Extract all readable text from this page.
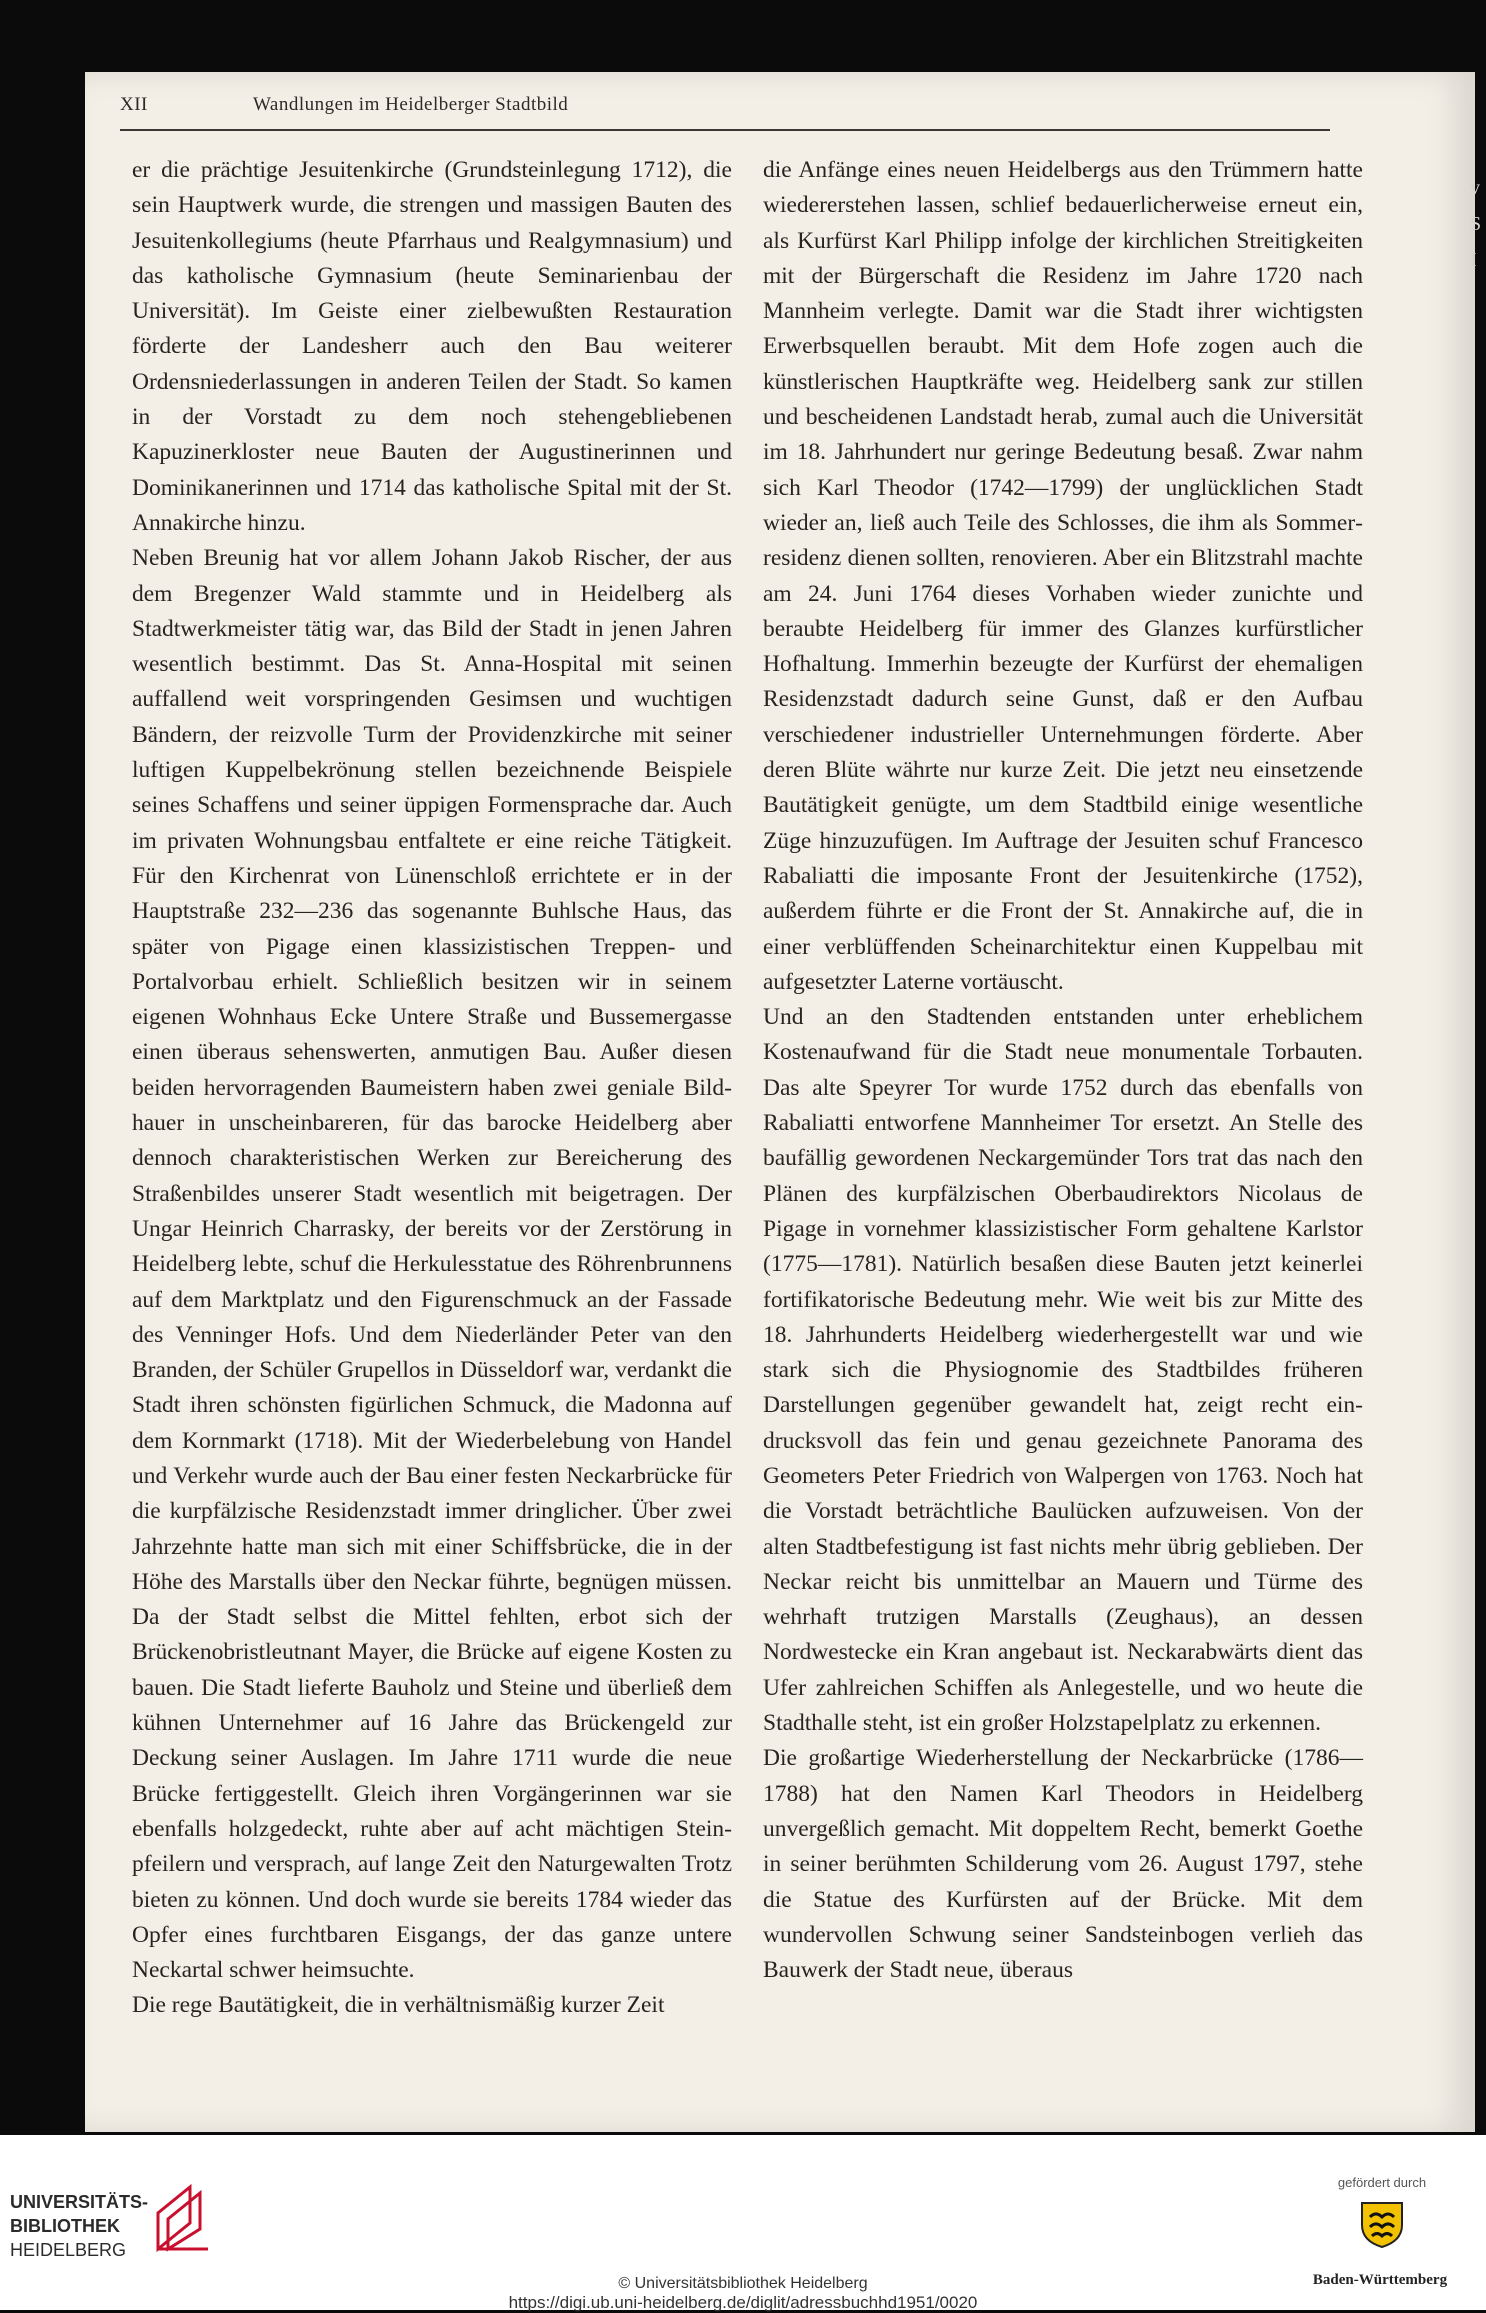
XII	Wandlungen im Heidelberger Stadtbild

er die prächtige Jesuitenkirche (Grundsteinlegung 1712), die sein Hauptwerk wurde, die strengen und massigen Bauten des Jesuitenkollegiums (heute Pfarrhaus und Realgymnasium) und das katholische Gymnasium (heute Seminarienbau der Universität). Im Geiste einer zielbewußten Restauration förderte der Landesherr auch den Bau weiterer Ordensniederlassungen in anderen Teilen der Stadt. So kamen in der Vorstadt zu dem noch stehengebliebenen Kapuzinerkloster neue Bauten der Augustinerinnen und Dominikanerinnen und 1714 das katholische Spital mit der St. Annakirche hinzu.

Neben Breunig hat vor allem Johann Jakob Rischer, der aus dem Bregenzer Wald stammte und in Heidelberg als Stadtwerkmeister tätig war, das Bild der Stadt in jenen Jahren wesentlich bestimmt. Das St. Anna-Hospital mit seinen auffallend weit vorspringenden Gesimsen und wuchtigen Bändern, der reizvolle Turm der Providenzkirche mit seiner luftigen Kuppelbekrönung stellen bezeichnende Beispiele seines Schaffens und seiner üppigen Formensprache dar. Auch im privaten Wohnungsbau entfaltete er eine reiche Tätigkeit. Für den Kirchenrat von Lünenschloß errichtete er in der Hauptstraße 232—236 das sogenannte Buhlsche Haus, das später von Pigage einen klassizistischen Treppen- und Portalvorbau erhielt. Schließlich besitzen wir in seinem eigenen Wohnhaus Ecke Untere Straße und Bussemergasse einen überaus sehenswerten, anmutigen Bau. Außer diesen beiden hervorragenden Baumeistern haben zwei geniale Bildhauer in unscheinbareren, für das barocke Heidelberg aber dennoch charakteristischen Werken zur Bereicherung des Straßenbildes unserer Stadt wesentlich mit beigetragen. Der Ungar Heinrich Charrasky, der bereits vor der Zerstörung in Heidelberg lebte, schuf die Herkulesstatue des Röhrenbrunnens auf dem Marktplatz und den Figurenschmuck an der Fassade des Venninger Hofs. Und dem Niederländer Peter van den Branden, der Schüler Grupellos in Düsseldorf war, verdankt die Stadt ihren schönsten figürlichen Schmuck, die Madonna auf dem Kornmarkt (1718). Mit der Wiederbelebung von Handel und Verkehr wurde auch der Bau einer festen Neckarbrücke für die kurpfälzische Residenzstadt immer dringlicher. Über zwei Jahrzehnte hatte man sich mit einer Schiffsbrücke, die in der Höhe des Marstalls über den Neckar führte, begnügen müssen. Da der Stadt selbst die Mittel fehlten, erbot sich der Brückenobristleutnant Mayer, die Brücke auf eigene Kosten zu bauen. Die Stadt lieferte Bauholz und Steine und überließ dem kühnen Unternehmer auf 16 Jahre das Brückengeld zur Deckung seiner Auslagen. Im Jahre 1711 wurde die neue Brücke fertiggestellt. Gleich ihren Vorgängerinnen war sie ebenfalls holzgedeckt, ruhte aber auf acht mächtigen Steinpfeilern und versprach, auf lange Zeit den Naturgewalten Trotz bieten zu können. Und doch wurde sie bereits 1784 wieder das Opfer eines furchtbaren Eisgangs, der das ganze untere Neckartal schwer heimsuchte.

Die rege Bautätigkeit, die in verhältnismäßig kurzer Zeit

die Anfänge eines neuen Heidelbergs aus den Trümmern hatte wiedererstehen lassen, schlief bedauerlicherweise erneut ein, als Kurfürst Karl Philipp infolge der kirchlichen Streitigkeiten mit der Bürgerschaft die Residenz im Jahre 1720 nach Mannheim verlegte. Damit war die Stadt ihrer wichtigsten Erwerbsquellen beraubt. Mit dem Hofe zogen auch die künstlerischen Hauptkräfte weg. Heidelberg sank zur stillen und bescheidenen Landstadt herab, zumal auch die Universität im 18. Jahrhundert nur geringe Bedeutung besaß. Zwar nahm sich Karl Theodor (1742—1799) der unglücklichen Stadt wieder an, ließ auch Teile des Schlosses, die ihm als Sommerresidenz dienen sollten, renovieren. Aber ein Blitzstrahl machte am 24. Juni 1764 dieses Vorhaben wieder zunichte und beraubte Heidelberg für immer des Glanzes kurfürstlicher Hofhaltung. Immerhin bezeugte der Kurfürst der ehemaligen Residenzstadt dadurch seine Gunst, daß er den Aufbau verschiedener industrieller Unternehmungen förderte. Aber deren Blüte währte nur kurze Zeit. Die jetzt neu einsetzende Bautätigkeit genügte, um dem Stadtbild einige wesentliche Züge hinzuzufügen. Im Auftrage der Jesuiten schuf Francesco Rabaliatti die imposante Front der Jesuitenkirche (1752), außerdem führte er die Front der St. Annakirche auf, die in einer verblüffenden Scheinarchitektur einen Kuppelbau mit aufgesetzter Laterne vortäuscht.

Und an den Stadtenden entstanden unter erheblichem Kostenaufwand für die Stadt neue monumentale Torbauten. Das alte Speyrer Tor wurde 1752 durch das ebenfalls von Rabaliatti entworfene Mannheimer Tor ersetzt. An Stelle des baufällig gewordenen Neckargemünder Tors trat das nach den Plänen des kurpfälzischen Oberbaudirektors Nicolaus de Pigage in vornehmer klassizistischer Form gehaltene Karlstor (1775—1781). Natürlich besaßen diese Bauten jetzt keinerlei fortifikatorische Bedeutung mehr. Wie weit bis zur Mitte des 18. Jahrhunderts Heidelberg wiederhergestellt war und wie stark sich die Physiognomie des Stadtbildes früheren Darstellungen gegenüber gewandelt hat, zeigt recht eindrucksvoll das fein und genau gezeichnete Panorama des Geometers Peter Friedrich von Walpergen von 1763. Noch hat die Vorstadt beträchtliche Baulücken aufzuweisen. Von der alten Stadtbefestigung ist fast nichts mehr übrig geblieben. Der Neckar reicht bis unmittelbar an Mauern und Türme des wehrhaft trutzigen Marstalls (Zeughaus), an dessen Nordwestecke ein Kran angebaut ist. Neckarabwärts dient das Ufer zahlreichen Schiffen als Anlegestelle, und wo heute die Stadthalle steht, ist ein großer Holzstapelplatz zu erkennen.

Die großartige Wiederherstellung der Neckarbrücke (1786—1788) hat den Namen Karl Theodors in Heidelberg unvergeßlich gemacht. Mit doppeltem Recht, bemerkt Goethe in seiner berühmten Schilderung vom 26. August 1797, stehe die Statue des Kurfürsten auf der Brücke. Mit dem wundervollen Schwung seiner Sandsteinbogen verlieh das Bauwerk der Stadt neue, überaus

v
S
I
UNIVERSITÄTS-
BIBLIOTHEK
HEIDELBERG
© Universitätsbibliothek Heidelberg
https://digi.ub.uni-heidelberg.de/diglit/adressbuchhd1951/0020
gefördert durch
Baden-Württemberg
